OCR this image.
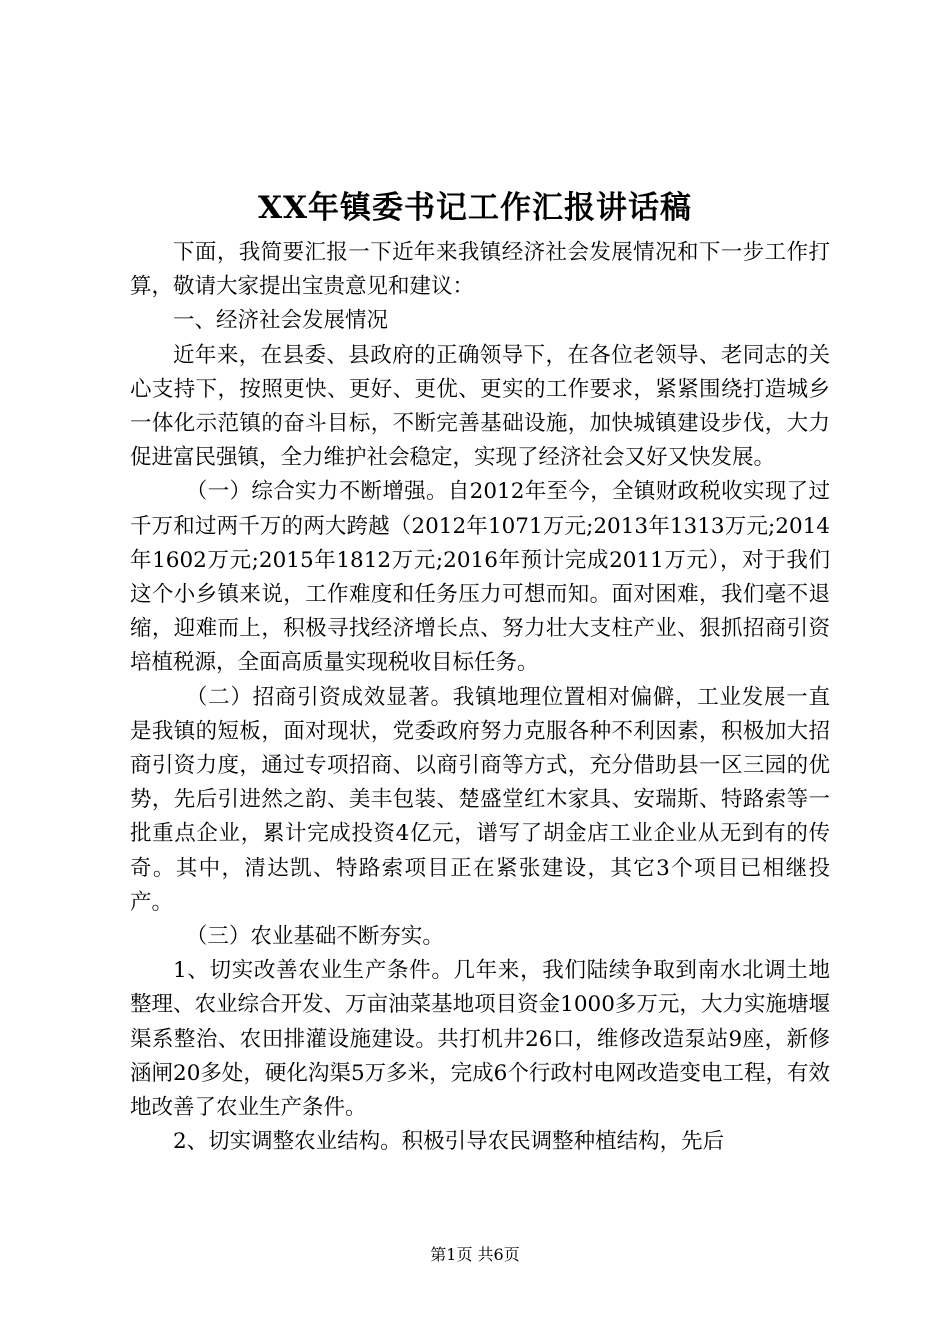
XX年镇委书记工作汇报讲话稿

下面，我简要汇报一下近年来我镇经济社会发展情况和下一步工作打算，敬请大家提出宝贵意见和建议：

一、经济社会发展情况

近年来，在县委、县政府的正确领导下，在各位老领导、老同志的关心支持下，按照更快、更好、更优、更实的工作要求，紧紧围绕打造城乡一体化示范镇的奋斗目标，不断完善基础设施，加快城镇建设步伐，大力促进富民强镇，全力维护社会稳定，实现了经济社会又好又快发展。

（一）综合实力不断增强。自2012年至今，全镇财政税收实现了过千万和过两千万的两大跨越（2012年1071万元;2013年1313万元;2014年1602万元;2015年1812万元;2016年预计完成2011万元），对于我们这个小乡镇来说，工作难度和任务压力可想而知。面对困难，我们毫不退缩，迎难而上，积极寻找经济增长点、努力壮大支柱产业、狠抓招商引资培植税源，全面高质量实现税收目标任务。

（二）招商引资成效显著。我镇地理位置相对偏僻，工业发展一直是我镇的短板，面对现状，党委政府努力克服各种不利因素，积极加大招商引资力度，通过专项招商、以商引商等方式，充分借助县一区三园的优势，先后引进然之韵、美丰包装、楚盛堂红木家具、安瑞斯、特路索等一批重点企业，累计完成投资4亿元，谱写了胡金店工业企业从无到有的传奇。其中，清达凯、特路索项目正在紧张建设，其它3个项目已相继投产。

（三）农业基础不断夯实。

1、切实改善农业生产条件。几年来，我们陆续争取到南水北调土地整理、农业综合开发、万亩油菜基地项目资金1000多万元，大力实施塘堰渠系整治、农田排灌设施建设。共打机井26口，维修改造泵站9座，新修涵闸20多处，硬化沟渠5万多米，完成6个行政村电网改造变电工程，有效地改善了农业生产条件。

2、切实调整农业结构。积极引导农民调整种植结构，先后

第1页 共6页
